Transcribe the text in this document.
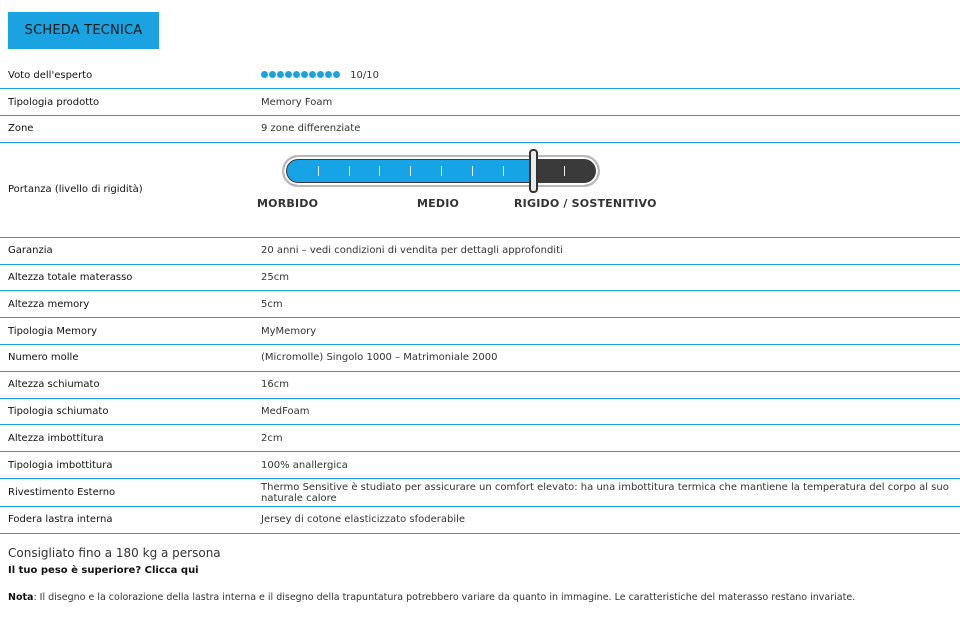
SCHEDA TECNICA
Voto dell'esperto	10/10
Tipologia prodotto	Memory Foam
Zone	9 zone differenziate
Portanza (livello di rigidità)	MORBIDO MEDIO RIGIDO / SOSTENITIVO

Garanzia	20 anni – vedi condizioni di vendita per dettagli approfonditi
Altezza totale materasso	25cm
Altezza memory	5cm
Tipologia Memory	MyMemory
Numero molle	(Micromolle) Singolo 1000 – Matrimoniale 2000
Altezza schiumato	16cm
Tipologia schiumato	MedFoam
Altezza imbottitura	2cm
Tipologia imbottitura	100% anallergica
Rivestimento Esterno	Thermo Sensitive è studiato per assicurare un comfort elevato: ha una imbottitura termica che mantiene la temperatura del corpo al suo naturale calore
Fodera lastra interna	Jersey di cotone elasticizzato sfoderabile
Consigliato fino a 180 kg a persona
Il tuo peso è superiore? Clicca qui
Nota: Il disegno e la colorazione della lastra interna e il disegno della trapuntatura potrebbero variare da quanto in immagine. Le caratteristiche del materasso restano invariate.
